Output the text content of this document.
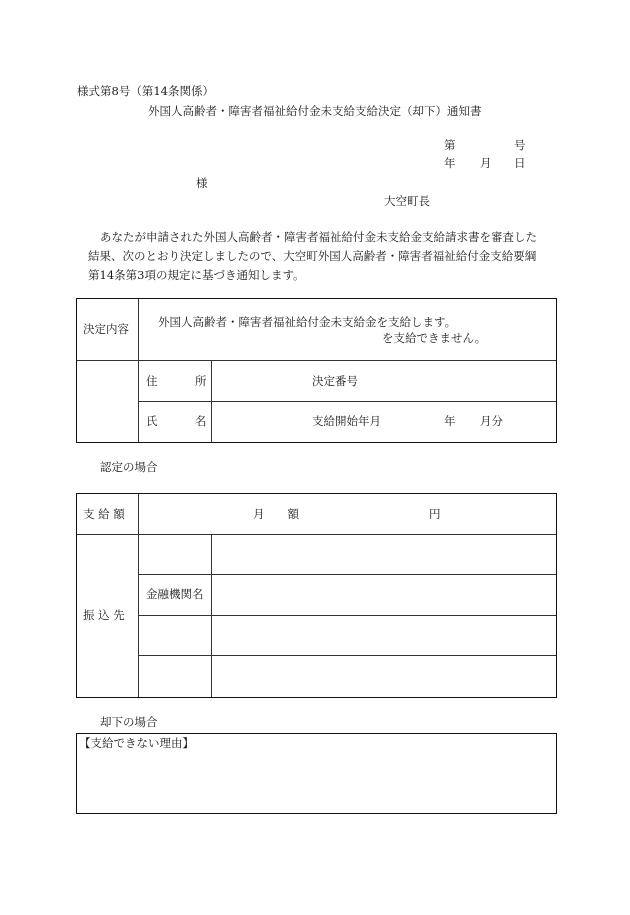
様式第8号（第14条関係）
外国人高齢者・障害者福祉給付金未支給支給決定（却下）通知書
第	号
年 月 日
様
大空町長
あなたが申請された外国人高齢者・障害者福祉給付金未支給金支給請求書を審査した
結果、次のとおり決定しましたので、大空町外国人高齢者・障害者福祉給付金支給要綱
第14条第3項の規定に基づき通知します。
決定内容	外国人高齢者・障害者福祉給付金未支給金を支給します。
を支給できません。
住	所	決定番号
氏	名	支給開始年月	年 月分
認定の場合
支 給 額	月　　額	円
振 込 先
金融機関名
却下の場合
【支給できない理由】
